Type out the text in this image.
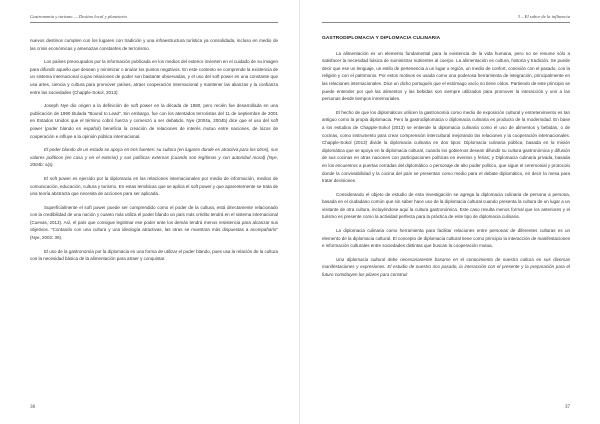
Gastronomía y turismo — Destino local y planetario

nuevos destinos cumplen con los lugares con tradición y una infraestructura turística ya consolidada, incluso en medio de las crisis económicas y amenazas constantes de terrorismo.

Los países preocupados por la información publicada en los medios del exterior invierten en el cuidado de su imagen para difundir aquello que desean y minimizar o anular los puntos negativos. En este contexto se comprende la existencia de un sistema internacional cuyas relaciones de poder son bastante observadas, y el uso del soft power es una constante que usa artes, ciencia y cultura para promover países, atraer cooperación internacional y mantener las alianzas y la confianza entre las sociedades (Chapple-Sokol, 2013).

Joseph Nye dio origen a la definición de soft power en la década de 1980, pero recién fue desarrollada en una publicación de 1990 titulada "Bound to Lead". Sin embargo, fue con los atentados terroristas del 11 de septiembre de 2001 en Estados Unidos que el término cobró fuerza y comenzó a ser debatido. Nye (2004a, 2004b) dice que el uso del soft power (poder blando en español) beneficia la creación de relaciones de interés mutuo entre naciones, de lazos de cooperación e influye a la opinión pública internacional.

El poder blando de un estado se apoya en tres fuentes: su cultura (en lugares donde es atractiva para los otros), sus valores políticos (en casa y en el exterior) y sus políticas externas (cuando son legítimas y con autoridad moral) (Nye, 2004b: s/p).

El soft power es ejercido por la diplomacia en las relaciones internacionales por medio de información, medios de comunicación, educación, cultura y turismo. En estas temáticas que se aplica el soft power y que aparentemente se trata de una teoría abstracta que necesita de acciones para ser aplicada.

Superficialmente el soft power puede ser comprendido como el poder de la cultura, está directamente relacionado con la credibilidad de una nación y cuanto más utiliza el poder blando un país más crédito tendrá en el sistema internacional (Cuevas, 2013). Así, el país que consigue legitimar ese poder ante los demás tendrá menos resistencia para alcanzar sus objetivos. "Contando con una cultura y una ideología atractivas, las otras se muestran más dispuestas a acompañarlo" (Nye, 2002: 39).

El uso de la gastronomía por la diplomacia es una forma de utilizar el poder blando, pues usa la relación de la cultura con la necesidad básica de la alimentación para atraer y conquistar.

36
3 – El sabor de la influencia
GASTRODIPLOMACIA Y DIPLOMACIA CULINARIA

La alimentación es un elemento fundamental para la existencia de la vida humana, pero no se resume sólo a satisfacer la necesidad básica de suministrar nutrientes al cuerpo. La alimentación es cultura, historia y tradición. Se puede decir que ese un lenguaje, un estilo de pertenencia a un lugar o región, un medio de confort, conexión con el pasado, con la religión y con el patrimonio. Por estos motivos es usada como una poderosa herramienta de integración, principalmente en las relaciones internacionales. Dice un dicho portugués que el estómago vacío no tiene oídos. Partiendo de este principio se puede entender por qué las alimentos y las bebidas son siempre utilizados para promover la interacción y unir a las personas desde tiempos inmemoriales.

El hecho de que los diplomáticos utilicen la gastronomía como medio de exposición cultural y entretenimiento es tan antiguo como la propia diplomacia. Pero la gastrodiplomacia o diplomacia culinaria es producto de la modernidad. En base a los estudios de Chapple-Sokol (2013) se entiende la diplomacia culinaria como el uso de alimentos y bebidas, o de cocinas, como instrumento para crear comprensión intercultural mejorando las relaciones y la cooperación internacionales. Chapple-Sokol (2013) divide la diplomacia culinaria en dos tipos: Diplomacia culinaria pública, basada en la misión diplomática que se apoya en la diplomacia cultural, cuando los gobiernos desean difundir su cultura gastronómica y difusión de sus cocinas en otras naciones con participaciones políticas en eventos y ferias; y Diplomacia culinaria privada, basada en los encuentros a puertas cerradas del diplomático o personaje de alto poder político, que sigue el ceremonial y protocolo donde la conviviabilidad y la cocina del país se presentan como medio para el debate diplomático, en decir la mesa para tratar decisiones.

Considerando el objeto de estudio de esta investigación se agrega la diplomacia culinaria de persona a persona, basada en el ciudadano común que sin saber hace uso de la diplomacia cultural cuando presenta la cultura de un lugar a un visitante de otra cultura, incluyéndose aquí la cultura gastronómica. Este caso resulta menos formal que los anteriores y el turismo es presente como la actividad perfecta para la práctica de este tipo de diplomacia culinaria.

La diplomacia culinaria como herramienta para facilitar relaciones entre personas de diferentes culturas es un elemento de la diplomacia cultural. El concepto de diplomacia cultural tiene como principio la interacción de manifestaciones e información culturales entre sociedades distintas que buscan la cooperación mutua.

Una diplomacia cultural debe necesariamente basarse en el conocimiento de nuestra cultura en sus diversas manifestaciones y expresiones. El estudio de nuestro rico pasado, la interacción con el presente y la preparación para el futuro constituyen los pilares para construir

37
